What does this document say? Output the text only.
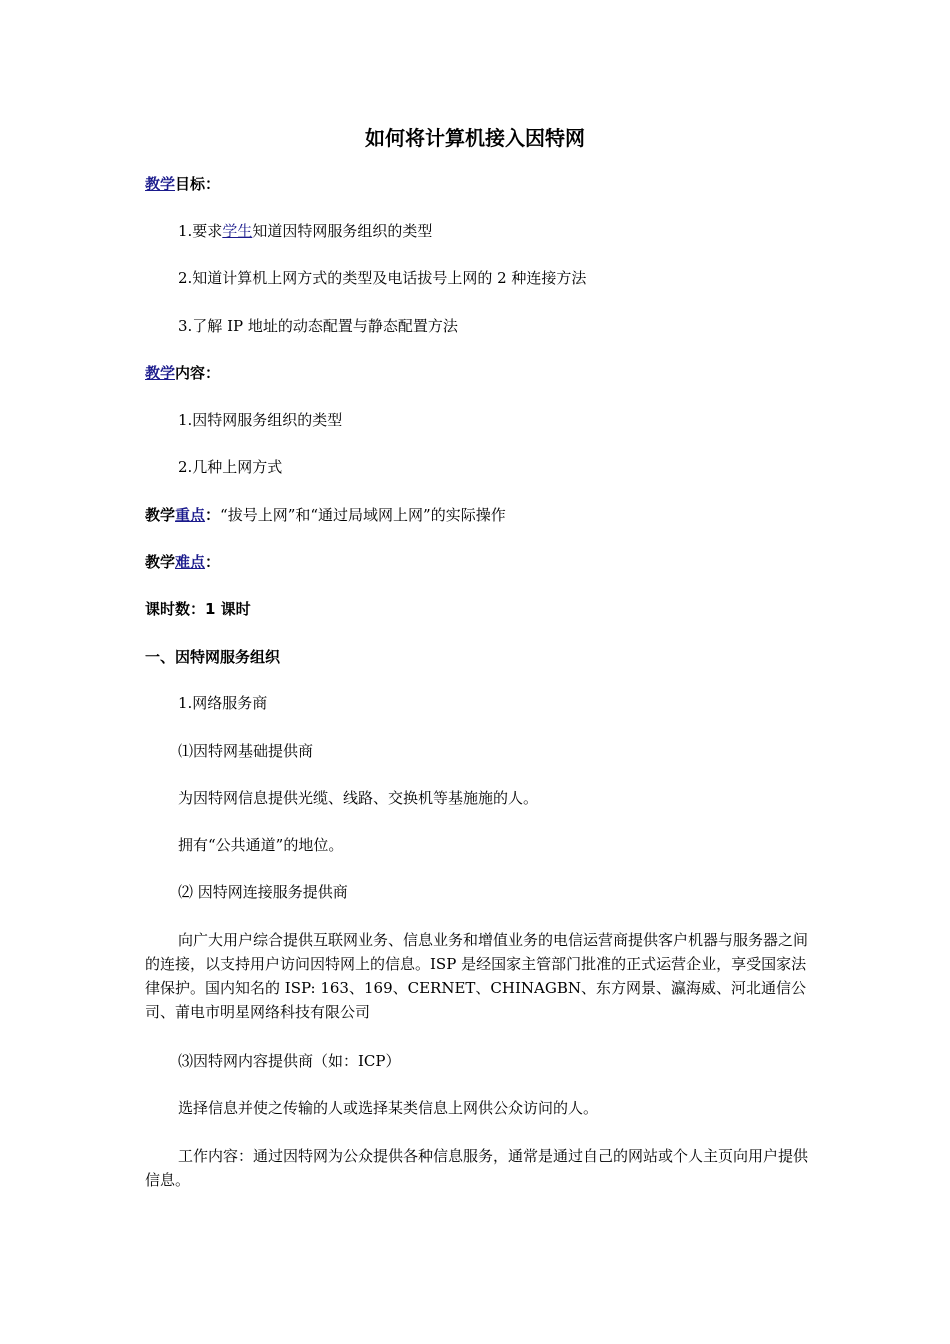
如何将计算机接入因特网
教学目标：
1.要求学生知道因特网服务组织的类型
2.知道计算机上网方式的类型及电话拔号上网的 2 种连接方法
3.了解 IP 地址的动态配置与静态配置方法
教学内容：
1.因特网服务组织的类型
2.几种上网方式
教学重点：“拔号上网”和“通过局域网上网”的实际操作
教学难点：
课时数：1 课时
一、因特网服务组织
1.网络服务商
⑴因特网基础提供商
为因特网信息提供光缆、线路、交换机等基施施的人。
拥有“公共通道”的地位。
⑵ 因特网连接服务提供商
向广大用户综合提供互联网业务、信息业务和增值业务的电信运营商提供客户机器与服务器之间的连接，以支持用户访问因特网上的信息。ISP 是经国家主管部门批准的正式运营企业，享受国家法律保护。国内知名的 ISP: 163、169、CERNET、CHINAGBN、东方网景、瀛海威、河北通信公司、莆电市明星网络科技有限公司
⑶因特网内容提供商（如：ICP）
选择信息并使之传输的人或选择某类信息上网供公众访问的人。
工作内容：通过因特网为公众提供各种信息服务，通常是通过自己的网站或个人主页向用户提供信息。
